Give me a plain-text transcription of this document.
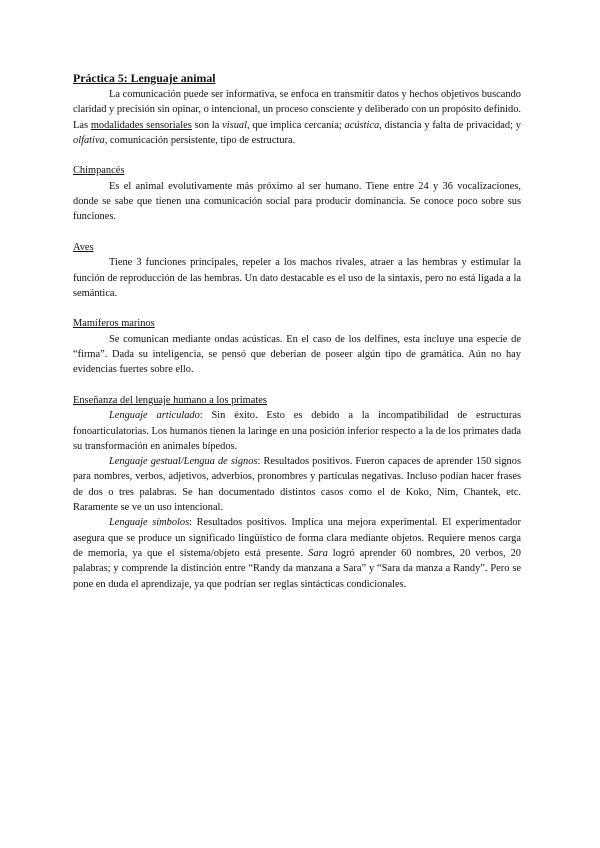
Práctica 5: Lenguaje animal

La comunicación puede ser informativa, se enfoca en transmitir datos y hechos objetivos buscando claridad y precisión sin opinar, o intencional, un proceso consciente y deliberado con un propósito definido. Las modalidades sensoriales son la visual, que implica cercanía; acústica, distancia y falta de privacidad; y olfativa, comunicación persistente, tipo de estructura.

Chimpancés

Es el animal evolutivamente más próximo al ser humano. Tiene entre 24 y 36 vocalizaciones, donde se sabe que tienen una comunicación social para producir dominancia. Se conoce poco sobre sus funciones.

Aves

Tiene 3 funciones principales, repeler a los machos rivales, atraer a las hembras y estimular la función de reproducción de las hembras. Un dato destacable es el uso de la sintaxis, pero no está ligada a la semántica.

Mamíferos marinos

Se comunican mediante ondas acústicas. En el caso de los delfines, esta incluye una especie de “firma”. Dada su inteligencia, se pensó que deberían de poseer algún tipo de gramática. Aún no hay evidencias fuertes sobre ello.

Enseñanza del lenguaje humano a los primates

Lenguaje articulado: Sin éxito. Esto es debido a la incompatibilidad de estructuras fonoarticulatorias. Los humanos tienen la laringe en una posición inferior respecto a la de los primates dada su transformación en animales bípedos.

Lenguaje gestual/Lengua de signos: Resultados positivos. Fueron capaces de aprender 150 signos para nombres, verbos, adjetivos, adverbios, pronombres y partículas negativas. Incluso podían hacer frases de dos o tres palabras. Se han documentado distintos casos como el de Koko, Nim, Chantek, etc. Raramente se ve un uso intencional.

Lenguaje símbolos: Resultados positivos. Implica una mejora experimental. El experimentador asegura que se produce un significado lingüístico de forma clara mediante objetos. Requiere menos carga de memoria, ya que el sistema/objeto está presente. Sara logró aprender 60 nombres, 20 verbos, 20 palabras; y comprende la distinción entre “Randy da manzana a Sara” y “Sara da manza a Randy”. Pero se pone en duda el aprendizaje, ya que podrían ser reglas sintácticas condicionales.
